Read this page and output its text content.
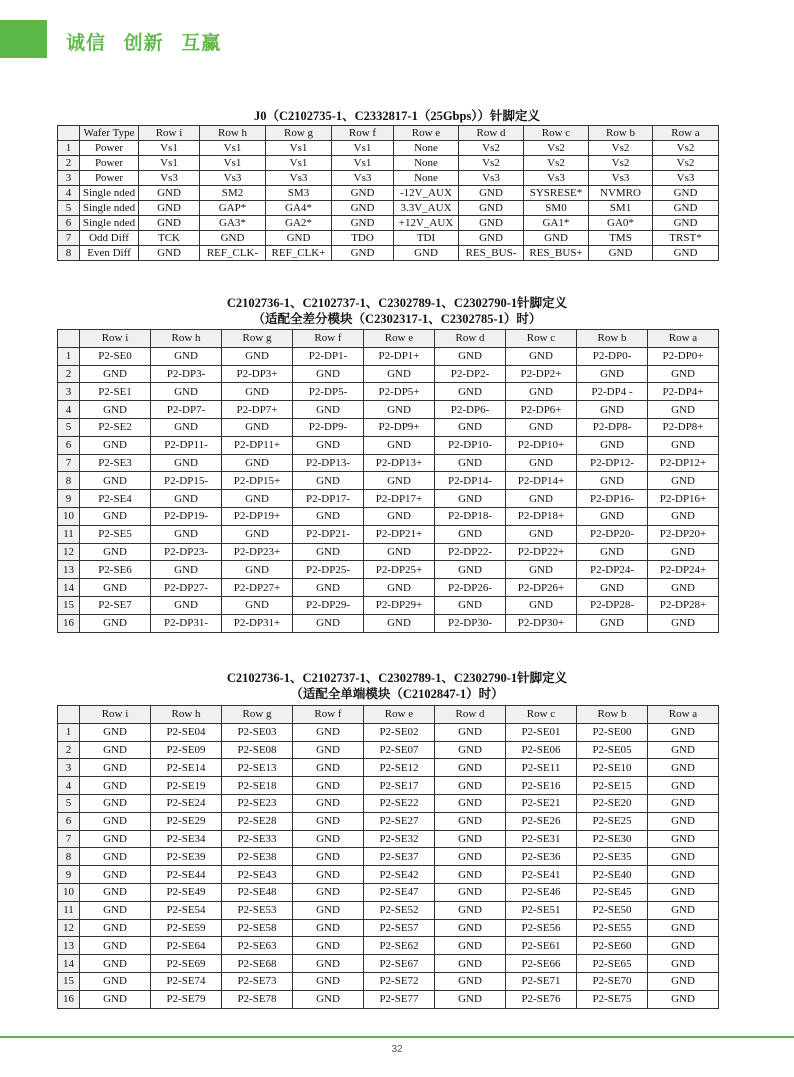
诚信 创新 互赢
J0（C2102735-1、C2332817-1（25Gbps））针脚定义
	Wafer Type	Row i	Row h	Row g	Row f	Row e	Row d	Row c	Row b	Row a
1	Power	Vs1	Vs1	Vs1	Vs1	None	Vs2	Vs2	Vs2	Vs2
2	Power	Vs1	Vs1	Vs1	Vs1	None	Vs2	Vs2	Vs2	Vs2
3	Power	Vs3	Vs3	Vs3	Vs3	None	Vs3	Vs3	Vs3	Vs3
4	Single nded	GND	SM2	SM3	GND	-12V_AUX	GND	SYSRESE*	NVMRO	GND
5	Single nded	GND	GAP*	GA4*	GND	3.3V_AUX	GND	SM0	SM1	GND
6	Single nded	GND	GA3*	GA2*	GND	+12V_AUX	GND	GA1*	GA0*	GND
7	Odd Diff	TCK	GND	GND	TDO	TDI	GND	GND	TMS	TRST*
8	Even Diff	GND	REF_CLK-	REF_CLK+	GND	GND	RES_BUS-	RES_BUS+	GND	GND
C2102736-1、C2102737-1、C2302789-1、C2302790-1针脚定义
（适配全差分模块（C2302317-1、C2302785-1）时）
	Row i	Row h	Row g	Row f	Row e	Row d	Row c	Row b	Row a
1	P2-SE0	GND	GND	P2-DP1-	P2-DP1+	GND	GND	P2-DP0-	P2-DP0+
2	GND	P2-DP3-	P2-DP3+	GND	GND	P2-DP2-	P2-DP2+	GND	GND
3	P2-SE1	GND	GND	P2-DP5-	P2-DP5+	GND	GND	P2-DP4 -	P2-DP4+
4	GND	P2-DP7-	P2-DP7+	GND	GND	P2-DP6-	P2-DP6+	GND	GND
5	P2-SE2	GND	GND	P2-DP9-	P2-DP9+	GND	GND	P2-DP8-	P2-DP8+
6	GND	P2-DP11-	P2-DP11+	GND	GND	P2-DP10-	P2-DP10+	GND	GND
7	P2-SE3	GND	GND	P2-DP13-	P2-DP13+	GND	GND	P2-DP12-	P2-DP12+
8	GND	P2-DP15-	P2-DP15+	GND	GND	P2-DP14-	P2-DP14+	GND	GND
9	P2-SE4	GND	GND	P2-DP17-	P2-DP17+	GND	GND	P2-DP16-	P2-DP16+
10	GND	P2-DP19-	P2-DP19+	GND	GND	P2-DP18-	P2-DP18+	GND	GND
11	P2-SE5	GND	GND	P2-DP21-	P2-DP21+	GND	GND	P2-DP20-	P2-DP20+
12	GND	P2-DP23-	P2-DP23+	GND	GND	P2-DP22-	P2-DP22+	GND	GND
13	P2-SE6	GND	GND	P2-DP25-	P2-DP25+	GND	GND	P2-DP24-	P2-DP24+
14	GND	P2-DP27-	P2-DP27+	GND	GND	P2-DP26-	P2-DP26+	GND	GND
15	P2-SE7	GND	GND	P2-DP29-	P2-DP29+	GND	GND	P2-DP28-	P2-DP28+
16	GND	P2-DP31-	P2-DP31+	GND	GND	P2-DP30-	P2-DP30+	GND	GND
C2102736-1、C2102737-1、C2302789-1、C2302790-1针脚定义
（适配全单端模块（C2102847-1）时）
	Row i	Row h	Row g	Row f	Row e	Row d	Row c	Row b	Row a
1	GND	P2-SE04	P2-SE03	GND	P2-SE02	GND	P2-SE01	P2-SE00	GND
2	GND	P2-SE09	P2-SE08	GND	P2-SE07	GND	P2-SE06	P2-SE05	GND
3	GND	P2-SE14	P2-SE13	GND	P2-SE12	GND	P2-SE11	P2-SE10	GND
4	GND	P2-SE19	P2-SE18	GND	P2-SE17	GND	P2-SE16	P2-SE15	GND
5	GND	P2-SE24	P2-SE23	GND	P2-SE22	GND	P2-SE21	P2-SE20	GND
6	GND	P2-SE29	P2-SE28	GND	P2-SE27	GND	P2-SE26	P2-SE25	GND
7	GND	P2-SE34	P2-SE33	GND	P2-SE32	GND	P2-SE31	P2-SE30	GND
8	GND	P2-SE39	P2-SE38	GND	P2-SE37	GND	P2-SE36	P2-SE35	GND
9	GND	P2-SE44	P2-SE43	GND	P2-SE42	GND	P2-SE41	P2-SE40	GND
10	GND	P2-SE49	P2-SE48	GND	P2-SE47	GND	P2-SE46	P2-SE45	GND
11	GND	P2-SE54	P2-SE53	GND	P2-SE52	GND	P2-SE51	P2-SE50	GND
12	GND	P2-SE59	P2-SE58	GND	P2-SE57	GND	P2-SE56	P2-SE55	GND
13	GND	P2-SE64	P2-SE63	GND	P2-SE62	GND	P2-SE61	P2-SE60	GND
14	GND	P2-SE69	P2-SE68	GND	P2-SE67	GND	P2-SE66	P2-SE65	GND
15	GND	P2-SE74	P2-SE73	GND	P2-SE72	GND	P2-SE71	P2-SE70	GND
16	GND	P2-SE79	P2-SE78	GND	P2-SE77	GND	P2-SE76	P2-SE75	GND
32
